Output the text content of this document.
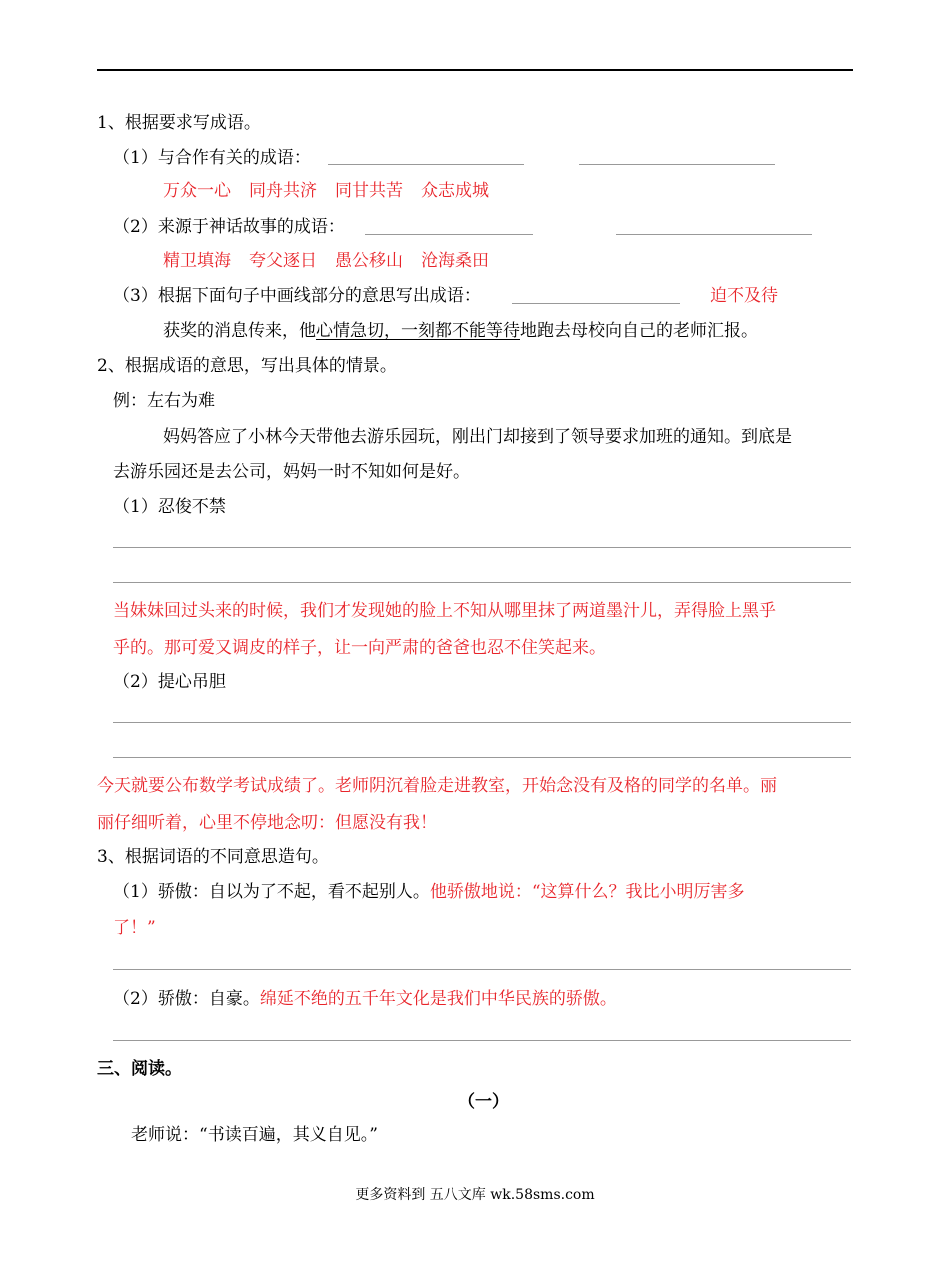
1、根据要求写成语。
（1）与合作有关的成语：
万众一心 同舟共济 同甘共苦 众志成城
（2）来源于神话故事的成语：
精卫填海 夸父逐日 愚公移山 沧海桑田
（3）根据下面句子中画线部分的意思写出成语：	迫不及待
获奖的消息传来，他心情急切，一刻都不能等待地跑去母校向自己的老师汇报。
2、根据成语的意思，写出具体的情景。
例：左右为难
妈妈答应了小林今天带他去游乐园玩，刚出门却接到了领导要求加班的通知。到底是
去游乐园还是去公司，妈妈一时不知如何是好。
（1）忍俊不禁
当妹妹回过头来的时候，我们才发现她的脸上不知从哪里抹了两道墨汁儿，弄得脸上黑乎
乎的。那可爱又调皮的样子，让一向严肃的爸爸也忍不住笑起来。
（2）提心吊胆
今天就要公布数学考试成绩了。老师阴沉着脸走进教室，开始念没有及格的同学的名单。丽
丽仔细听着，心里不停地念叨：但愿没有我！
3、根据词语的不同意思造句。
（1）骄傲：自以为了不起，看不起别人。他骄傲地说：“这算什么？我比小明厉害多
了！”
（2）骄傲：自豪。绵延不绝的五千年文化是我们中华民族的骄傲。
三、阅读。
（一）
老师说：“书读百遍，其义自见。”
更多资料到 五八文库 wk.58sms.com
